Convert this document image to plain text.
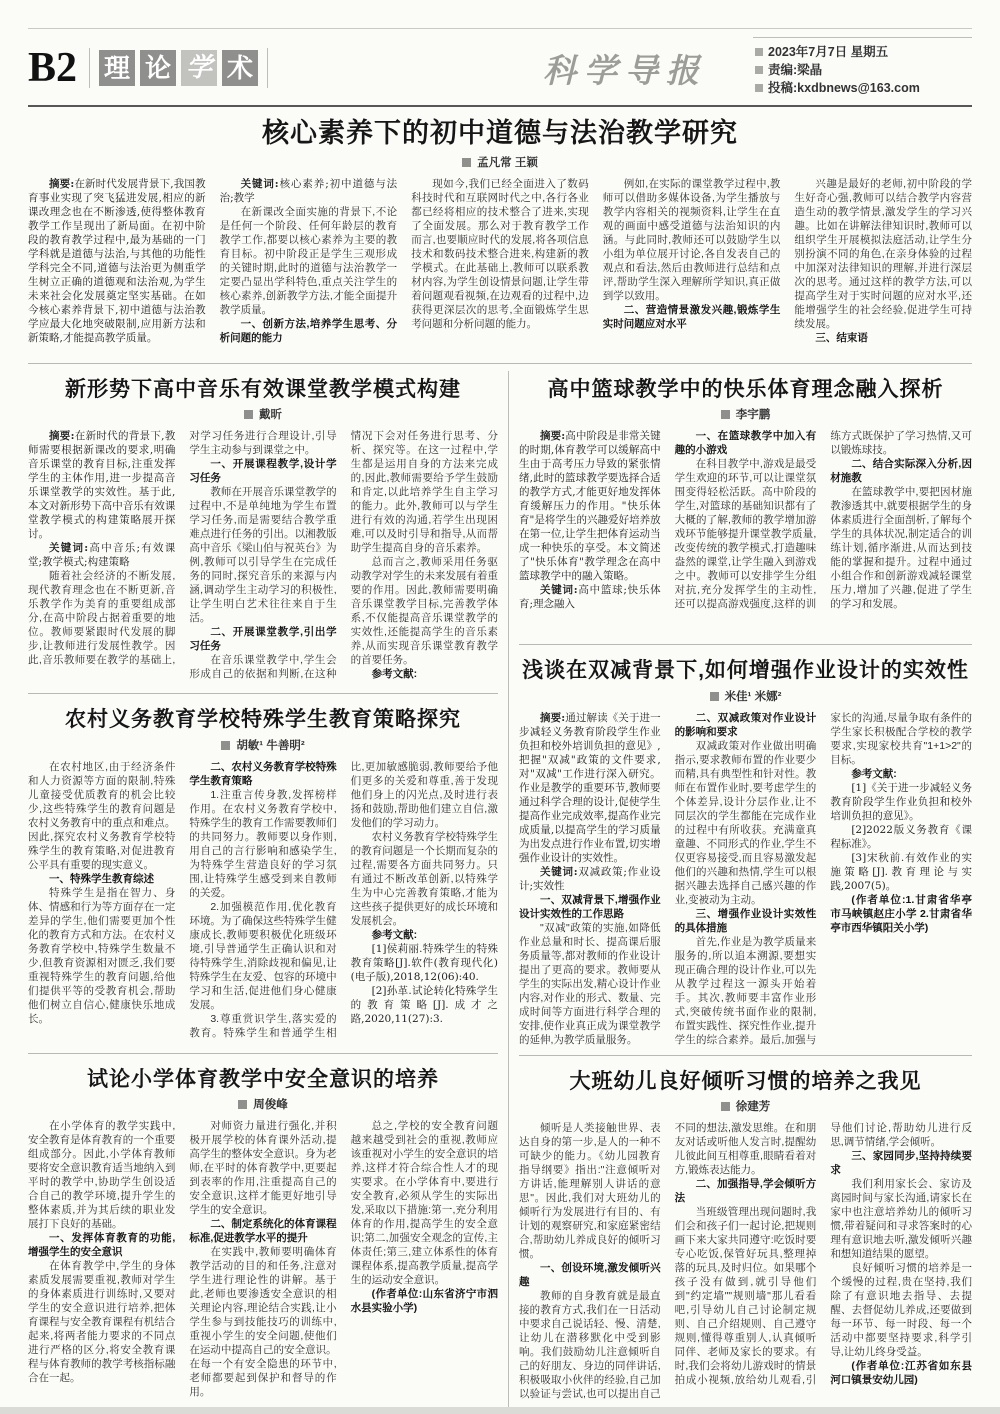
B2 理 论 学 术	科学导报	2023年7月7日 星期五
责编:梁晶
投稿:kxdbnews@163.com
核心素养下的初中道德与法治教学研究
孟凡常 王颖

摘要:在新时代发展背景下,我国教育事业实现了突飞猛进发展,相应的新课改理念也在不断渗透,使得整体教育教学工作呈现出了新局面。在初中阶段的教育教学过程中,最为基础的一门学科就是道德与法治,与其他的功能性学科完全不同,道德与法治更为侧重学生树立正确的道德观和法治观,为学生未来社会化发展奠定坚实基础。在如今核心素养背景下,初中道德与法治教学应最大化地突破限制,应用新方法和新策略,才能提高教学质量。

关键词:核心素养;初中道德与法治;教学

在新课改全面实施的背景下,不论是任何一个阶段、任何年龄层的教育教学工作,都要以核心素养为主要的教育目标。初中阶段正是学生三观形成的关键时期,此时的道德与法治教学一定要凸显出学科特色,重点关注学生的核心素养,创新教学方法,才能全面提升教学质量。

一、创新方法,培养学生思考、分析问题的能力

现如今,我们已经全面进入了数码科技时代和互联网时代之中,各行各业都已经将相应的技术整合了进来,实现了全面发展。那么对于教育教学工作而言,也要顺应时代的发展,将各项信息技术和数码技术整合进来,构建新的教学模式。在此基础上,教师可以联系教材内容,为学生创设情景问题,让学生带着问题观看视频,在边观看的过程中,边获得更深层次的思考,全面锻炼学生思考问题和分析问题的能力。

例如,在实际的课堂教学过程中,教师可以借助多媒体设备,为学生播放与教学内容相关的视频资料,让学生在直观的画面中感受道德与法治知识的内涵。与此同时,教师还可以鼓励学生以小组为单位展开讨论,各自发表自己的观点和看法,然后由教师进行总结和点评,帮助学生深入理解所学知识,真正做到学以致用。

二、营造情景激发兴趣,锻炼学生实时问题应对水平

兴趣是最好的老师,初中阶段的学生好奇心强,教师可以结合教学内容营造生动的教学情景,激发学生的学习兴趣。比如在讲解法律知识时,教师可以组织学生开展模拟法庭活动,让学生分别扮演不同的角色,在亲身体验的过程中加深对法律知识的理解,并进行深层次的思考。通过这样的教学方法,可以提高学生对于实时问题的应对水平,还能增强学生的社会经验,促进学生可持续发展。

三、结束语

新形势下高中音乐有效课堂教学模式构建
戴昕

摘要:在新时代的背景下,教师需要根据新课改的要求,明确音乐课堂的教育目标,注重发挥学生的主体作用,进一步提高音乐课堂教学的实效性。基于此,本文对新形势下高中音乐有效课堂教学模式的构建策略展开探讨。

关键词:高中音乐;有效课堂;教学模式;构建策略

随着社会经济的不断发展,现代教育理念也在不断更新,音乐教学作为美育的重要组成部分,在高中阶段占据着重要的地位。教师要紧跟时代发展的脚步,让教师进行发展性教学。因此,音乐教师要在教学的基础上,对学习任务进行合理设计,引导学生主动参与到课堂之中。

一、开展课程教学,设计学习任务

教师在开展音乐课堂教学的过程中,不是单纯地为学生布置学习任务,而是需要结合教学重难点进行任务的引出。以湘教版高中音乐《梁山伯与祝英台》为例,教师可以引导学生在完成任务的同时,探究音乐的来源与内涵,调动学生主动学习的积极性,让学生明白艺术往往来自于生活。

二、开展课堂教学,引出学习任务

在音乐课堂教学中,学生会形成自己的依据和判断,在这种情况下会对任务进行思考、分析、探究等。在这一过程中,学生都是运用自身的方法来完成的,因此,教师需要给予学生鼓励和肯定,以此培养学生自主学习的能力。此外,教师可以与学生进行有效的沟通,若学生出现困难,可以及时引导和指导,从而帮助学生提高自身的音乐素养。

总而言之,教师采用任务驱动教学对学生的未来发展有着重要的作用。因此,教师需要明确音乐课堂教学目标,完善教学体系,不仅能提高音乐课堂教学的实效性,还能提高学生的音乐素养,从而实现音乐课堂教育教学的首要任务。

参考文献:

农村义务教育学校特殊学生教育策略探究
胡敏¹ 牛善明²

在农村地区,由于经济条件和人力资源等方面的限制,特殊儿童接受优质教育的机会比较少,这些特殊学生的教育问题是农村义务教育中的重点和难点。因此,探究农村义务教育学校特殊学生的教育策略,对促进教育公平具有重要的现实意义。

一、特殊学生教育综述

特殊学生是指在智力、身体、情感和行为等方面存在一定差异的学生,他们需要更加个性化的教育方式和方法。在农村义务教育学校中,特殊学生数量不少,但教育资源相对匮乏,我们要重视特殊学生的教育问题,给他们提供平等的受教育机会,帮助他们树立自信心,健康快乐地成长。

二、农村义务教育学校特殊学生教育策略

1.注重言传身教,发挥榜样作用。在农村义务教育学校中,特殊学生的教育工作需要教师们的共同努力。教师要以身作则,用自己的言行影响和感染学生,为特殊学生营造良好的学习氛围,让特殊学生感受到来自教师的关爱。

2.加强模范作用,优化教育环境。为了确保这些特殊学生健康成长,教师要积极优化班级环境,引导普通学生正确认识和对待特殊学生,消除歧视和偏见,让特殊学生在友爱、包容的环境中学习和生活,促进他们身心健康发展。

3.尊重赏识学生,落实爱的教育。特殊学生和普通学生相比,更加敏感脆弱,教师要给予他们更多的关爱和尊重,善于发现他们身上的闪光点,及时进行表扬和鼓励,帮助他们建立自信,激发他们的学习动力。

农村义务教育学校特殊学生的教育问题是一个长期而复杂的过程,需要各方面共同努力。只有通过不断改革创新,以特殊学生为中心完善教育策略,才能为这些孩子提供更好的成长环境和发展机会。

参考文献:

[1]侯莉丽.特殊学生的特殊教育策略[J].软件(教育现代化)(电子版),2018,12(06):40.

[2]孙革.试论转化特殊学生的教育策略[J].成才之路,2020,11(27):3.

试论小学体育教学中安全意识的培养
周俊峰

在小学体育的教学实践中,安全教育是体育教育的一个重要组成部分。因此,小学体育教师要将安全意识教育适当地纳入到平时的教学中,协助学生创设适合自己的教学环境,提升学生的整体素质,并为其后续的职业发展打下良好的基础。

一、发挥体育教育的功能,增强学生的安全意识

在体育教学中,学生的身体素质发展需要重视,教师对学生的身体素质进行训练时,又要对学生的安全意识进行培养,把体育课程与安全教育课程有机结合起来,将两者能力要求的不同点进行严格的区分,将安全教育课程与体育教师的教学考核指标融合在一起。

对师资力量进行强化,并积极开展学校的体育课外活动,提高学生的整体安全意识。身为老师,在平时的体育教学中,更要起到表率的作用,注重提高自己的安全意识,这样才能更好地引导学生的安全意识。

二、制定系统化的体育课程标准,促进教学水平的提升

在实践中,教师要明确体育教学活动的目的和任务,注意对学生进行理论性的讲解。基于此,老师也要渗透安全意识的相关理论内容,理论结合实践,让小学生参与到技能技巧的训练中,重视小学生的安全问题,使他们在运动中提高自己的安全意识。在每一个有安全隐患的环节中,老师都要起到保护和督导的作用。

总之,学校的安全教育问题越来越受到社会的重视,教师应该重视对小学生的安全意识的培养,这样才符合综合性人才的现实要求。在小学体育中,要进行安全教育,必须从学生的实际出发,采取以下措施:第一,充分利用体育的作用,提高学生的安全意识;第二,加强安全观念的宣传,主体责任;第三,建立体系性的体育课程体系,提高教学质量,提高学生的运动安全意识。

(作者单位:山东省济宁市泗水县实验小学)

高中篮球教学中的快乐体育理念融入探析
李宇鹏

摘要:高中阶段是非常关键的时期,体育教学可以缓解高中生由于高考压力导致的紧张情绪,此时的篮球教学要选择合适的教学方式,才能更好地发挥体育缓解压力的作用。"快乐体育"是将学生的兴趣爱好培养放在第一位,让学生把体育运动当成一种快乐的享受。本文简述了"快乐体育"教学理念在高中篮球教学中的融入策略。

关键词:高中篮球;快乐体育;理念融入

一、在篮球教学中加入有趣的小游戏

在科目教学中,游戏是最受学生欢迎的环节,可以让课堂氛围变得轻松活跃。高中阶段的学生,对篮球的基础知识都有了大概的了解,教师的教学增加游戏环节能够提升课堂教学质量,改变传统的教学模式,打造趣味盎然的课堂,让学生融入到游戏之中。教师可以安排学生分组对抗,充分发挥学生的主动性,还可以提高游戏强度,这样的训练方式既保护了学习热情,又可以锻炼球技。

二、结合实际深入分析,因材施教

在篮球教学中,要把因材施教渗透其中,就要根据学生的身体素质进行全面剖析,了解每个学生的具体状况,制定适合的训练计划,循序渐进,从而达到技能的掌握和提升。过程中通过小组合作和创新游戏减轻课堂压力,增加了兴趣,促进了学生的学习和发展。

浅谈在双减背景下,如何增强作业设计的实效性
米佳¹ 米娜²

摘要:通过解读《关于进一步减轻义务教育阶段学生作业负担和校外培训负担的意见》,把握"双减"政策的文件要求,对"双减"工作进行深入研究。作业是教学的重要环节,教师要通过科学合理的设计,促使学生提高作业完成效率,提高作业完成质量,以提高学生的学习质量为出发点进行作业布置,切实增强作业设计的实效性。

关键词:双减政策;作业设计;实效性

一、双减背景下,增强作业设计实效性的工作思路

"双减"政策的实施,如降低作业总量和时长、提高课后服务质量等,都对教师的作业设计提出了更高的要求。教师要从学生的实际出发,精心设计作业内容,对作业的形式、数量、完成时间等方面进行科学合理的安排,使作业真正成为课堂教学的延伸,为教学质量服务。

二、双减政策对作业设计的影响和要求

双减政策对作业做出明确指示,要求教师布置的作业要少而精,具有典型性和针对性。教师在布置作业时,要考虑学生的个体差异,设计分层作业,让不同层次的学生都能在完成作业的过程中有所收获。充满童真童趣、不同形式的作业,学生不仅更容易接受,而且容易激发起他们的兴趣和热情,学生可以根据兴趣去选择自己感兴趣的作业,变被动为主动。

三、增强作业设计实效性的具体措施

首先,作业是为教学质量来服务的,所以追本溯源,要想实现正确合理的设计作业,可以先从教学过程这一源头开始着手。其次,教师要丰富作业形式,突破传统书面作业的限制,布置实践性、探究性作业,提升学生的综合素养。最后,加强与家长的沟通,尽量争取有条件的学生家长积极配合学校的教学要求,实现家校共育"1+1>2"的目标。

参考文献:

[1]《关于进一步减轻义务教育阶段学生作业负担和校外培训负担的意见》。

[2]2022版义务教育《课程标准》。

[3]宋秋前.有效作业的实施策略[J].教育理论与实践,2007(5)。

(作者单位:1.甘肃省华亭市马峡镇赵庄小学 2.甘肃省华亭市西华镇阳关小学)

大班幼儿良好倾听习惯的培养之我见
徐建芳

倾听是人类接触世界、表达自身的第一步,是人的一种不可缺少的能力。《幼儿园教育指导纲要》指出:"注意倾听对方讲话,能理解别人讲话的意思"。因此,我们对大班幼儿的倾听行为发展进行有目的、有计划的观察研究,和家庭紧密结合,帮助幼儿养成良好的倾听习惯。

一、创设环境,激发倾听兴趣

教师的自身教育就是最直接的教育方式,我们在一日活动中要求自己说话轻、慢、清楚,让幼儿在潜移默化中受到影响。我们鼓励幼儿注意倾听自己的好朋友、身边的同伴讲话,积极吸取小伙伴的经验,自己加以验证与尝试,也可以提出自己不同的想法,激发思维。在和朋友对话或听他人发言时,提醒幼儿彼此间互相尊重,眼睛看着对方,锻炼表达能力。

二、加强指导,学会倾听方法

当班级管理出现问题时,我们会和孩子们一起讨论,把规则画下来大家共同遵守:吃饭时要专心吃饭,保管好玩具,整理掉落的玩具,及时归位。如果哪个孩子没有做到,就引导他们到"约定墙""规则墙"那儿看看吧,引导幼儿自己讨论制定规则、自己介绍规则、自己遵守规则,懂得尊重别人,认真倾听同伴、老师及家长的要求。有时,我们会将幼儿游戏时的情景拍成小视频,放给幼儿观看,引导他们讨论,帮助幼儿进行反思,调节情绪,学会倾听。

三、家园同步,坚持持续要求

我们利用家长会、家访及离园时间与家长沟通,请家长在家中也注意培养幼儿的倾听习惯,带着疑问和寻求答案时的心理有意识地去听,激发倾听兴趣和想知道结果的愿望。

良好倾听习惯的培养是一个缓慢的过程,贵在坚持,我们除了有意识地去指导、去提醒、去督促幼儿养成,还要做到每一环节、每一时段、每一个活动中都要坚持要求,科学引导,让幼儿终身受益。

(作者单位:江苏省如东县河口镇景安幼儿园)
